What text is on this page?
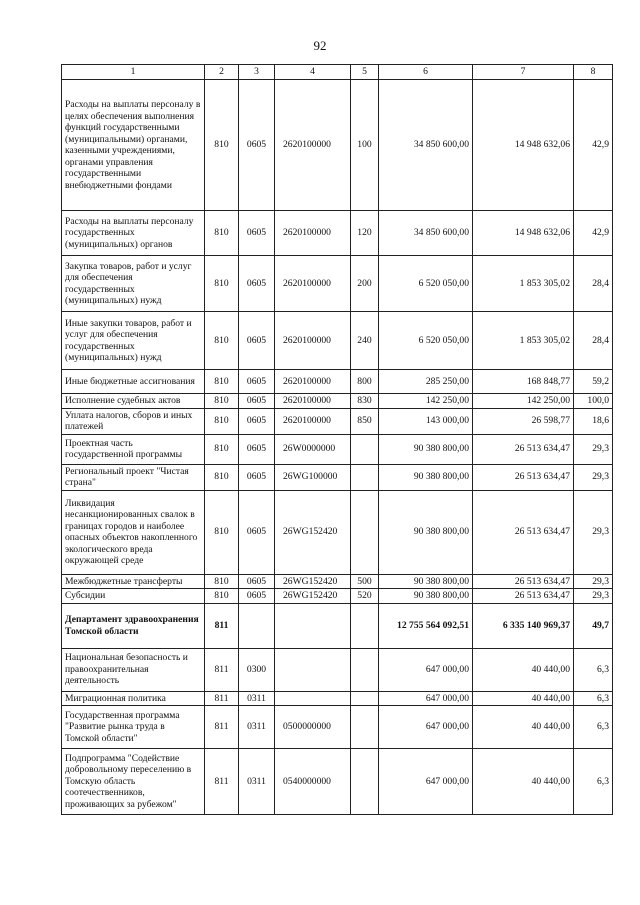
92
1	2	3	4	5	6	7	8
Расходы на выплаты персоналу в целях обеспечения выполнения функций государственными (муниципальными) органами, казенными учреждениями, органами управления государственными внебюджетными фондами	810	0605	2620100000	100	34 850 600,00	14 948 632,06	42,9
Расходы на выплаты персоналу государственных (муниципальных) органов	810	0605	2620100000	120	34 850 600,00	14 948 632,06	42,9
Закупка товаров, работ и услуг для обеспечения государственных (муниципальных) нужд	810	0605	2620100000	200	6 520 050,00	1 853 305,02	28,4
Иные закупки товаров, работ и услуг для обеспечения государственных (муниципальных) нужд	810	0605	2620100000	240	6 520 050,00	1 853 305,02	28,4
Иные бюджетные ассигнования	810	0605	2620100000	800	285 250,00	168 848,77	59,2
Исполнение судебных актов	810	0605	2620100000	830	142 250,00	142 250,00	100,0
Уплата налогов, сборов и иных платежей	810	0605	2620100000	850	143 000,00	26 598,77	18,6
Проектная часть государственной программы	810	0605	26W0000000		90 380 800,00	26 513 634,47	29,3
Региональный проект "Чистая страна"	810	0605	26WG100000		90 380 800,00	26 513 634,47	29,3
Ликвидация несанкционированных свалок в границах городов и наиболее опасных объектов накопленного экологического вреда окружающей среде	810	0605	26WG152420		90 380 800,00	26 513 634,47	29,3
Межбюджетные трансферты	810	0605	26WG152420	500	90 380 800,00	26 513 634,47	29,3
Субсидии	810	0605	26WG152420	520	90 380 800,00	26 513 634,47	29,3
Департамент здравоохранения Томской области	811				12 755 564 092,51	6 335 140 969,37	49,7
Национальная безопасность и правоохранительная деятельность	811	0300			647 000,00	40 440,00	6,3
Миграционная политика	811	0311			647 000,00	40 440,00	6,3
Государственная программа "Развитие рынка труда в Томской области"	811	0311	0500000000		647 000,00	40 440,00	6,3
Подпрограмма "Содействие добровольному переселению в Томскую область соотечественников, проживающих за рубежом"	811	0311	0540000000		647 000,00	40 440,00	6,3
